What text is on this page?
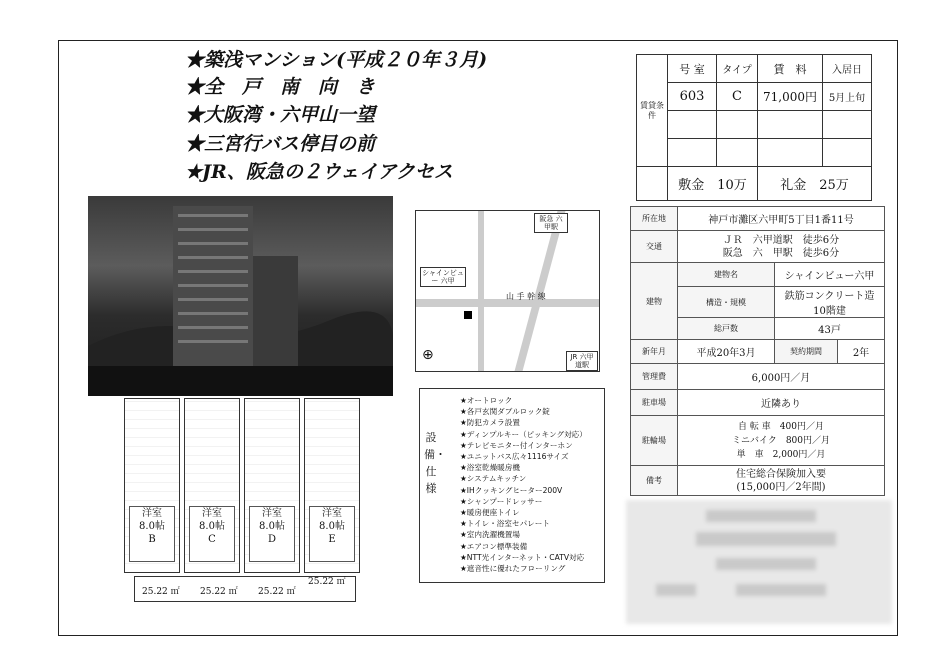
★築浅マンション(平成２０年３月)
★全　戸　南　向　き
★大阪湾・六甲山一望
★三宮行バス停目の前
★JR、阪急の２ウェイアクセス
阪急 六甲駅
シャインビュー 六甲
山 手 幹 線
JR 六甲道駅
⊕
洋室
8.0帖
B
洋室
8.0帖
C
洋室
8.0帖
D
洋室
8.0帖
E
25.22 ㎡ 25.22 ㎡ 25.22 ㎡
25.22 ㎡
設備・仕様
★オートロック
★各戸玄関ダブルロック錠
★防犯カメラ設置
★ディンプルキー（ピッキング対応）
★テレビモニター付インターホン
★ユニットバス広々1116サイズ
★浴室乾燥暖房機
★システムキッチン
★IHクッキングヒーター200V
★シャンプードレッサー
★暖房便座トイレ
★トイレ・浴室セパレート
★室内洗濯機置場
★エアコン標準装備
★NTT光インターネット・CATV対応
★遮音性に優れたフローリング
賃貸条件	号 室	タイプ	賃　料	入居日
	603	C	71,000円	5月上旬

	敷金　 10万		礼金　 25万	
所在地	神戸市灘区六甲町5丁目1番11号		
交通	ＪＲ　六甲道駅　徒歩6分
阪急　六　甲駅　徒歩6分		

建物	建物名	シャインビュー六甲	
	構造・規模	鉄筋コンクリート造 10階建	
	総戸数	43戸	
新年月	平成20年3月	契約期間	2年
管理費	6,000円／月		
駐車場	近隣あり		
駐輪場	自 転 車　 400円／月
ミニバイク　 800円／月
単　車　 2,000円／月		

備考	住宅総合保険加入要
(15,000円／2年間)		
